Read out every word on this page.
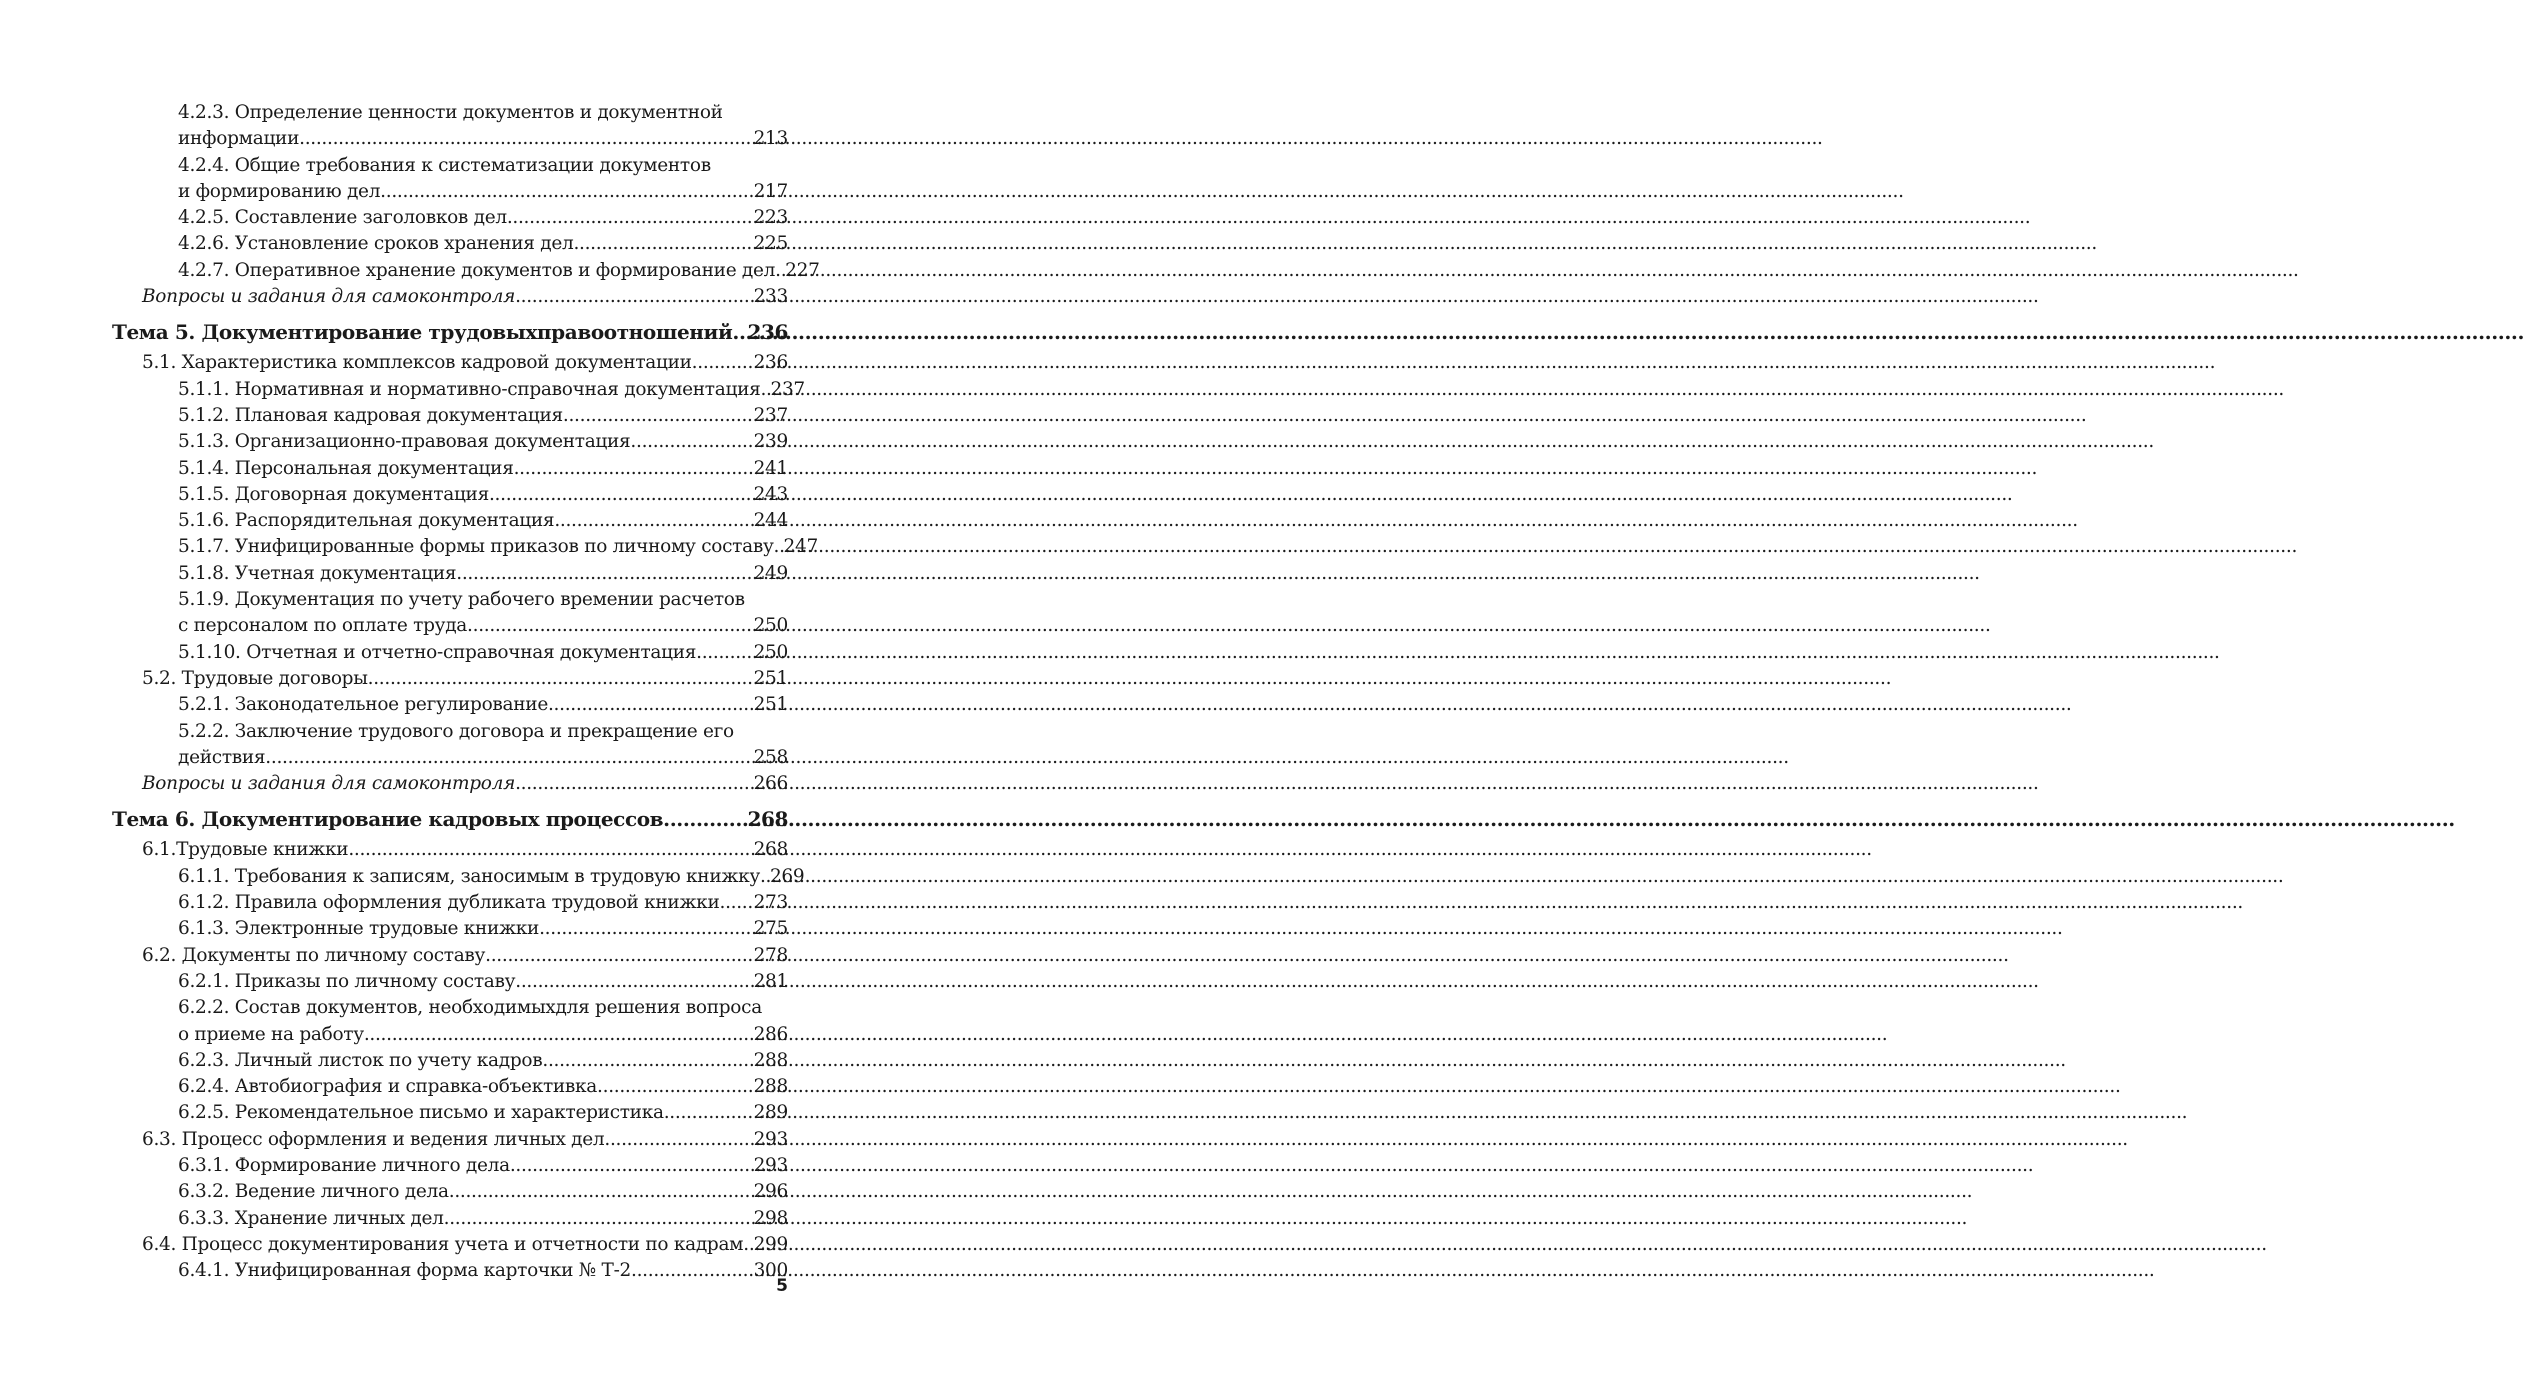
4.2.3. Определение ценности документов и документной
информации .....	213
4.2.4. Общие требования к систематизации документов
и формированию дел .....	217
4.2.5. Составление заголовков дел .....	223
4.2.6. Установление сроков хранения дел .....	225
4.2.7. Оперативное хранение документов и формирование дел ..... 227
Вопросы и задания для самоконтроля .....	233
Тема 5. Документирование трудовыхправоотношений ..... 236
5.1. Характеристика комплексов кадровой документации .....	236
5.1.1. Нормативная и нормативно-справочная документация ..... 237
5.1.2. Плановая кадровая документация .....	237
5.1.3. Организационно-правовая документация .....	239
5.1.4. Персональная документация .....	241
5.1.5. Договорная документация .....	243
5.1.6. Распорядительная документация .....	244
5.1.7. Унифицированные формы приказов по личному составу ..... 247
5.1.8. Учетная документация .....	249
5.1.9. Документация по учету рабочего времении расчетов
с персоналом по оплате труда .....	250
5.1.10. Отчетная и отчетно-справочная документация .....	250
5.2. Трудовые договоры .....	251
5.2.1. Законодательное регулирование .....	251
5.2.2. Заключение трудового договора и прекращение его
действия .....	258
Вопросы и задания для самоконтроля .....	266
Тема 6. Документирование кадровых процессов .....	268
6.1.Трудовые книжки .....	268
6.1.1. Требования к записям, заносимым в трудовую книжку ..... 269
6.1.2. Правила оформления дубликата трудовой книжки ..... 273
6.1.3. Электронные трудовые книжки .....	275
6.2. Документы по личному составу .....	278
6.2.1. Приказы по личному составу .....	281
6.2.2. Состав документов, необходимыхдля решения вопроса
о приеме на работу .....	286
6.2.3. Личный листок по учету кадров .....	288
6.2.4. Автобиография и справка-объективка .....	288
6.2.5. Рекомендательное письмо и характеристика .....	289
6.3. Процесс оформления и ведения личных дел .....	293
6.3.1. Формирование личного дела .....	293
6.3.2. Ведение личного дела .....	296
6.3.3. Хранение личных дел .....	298
6.4. Процесс документирования учета и отчетности по кадрам ..... 299
6.4.1. Унифицированная форма карточки № Т-2 .....	300
5
